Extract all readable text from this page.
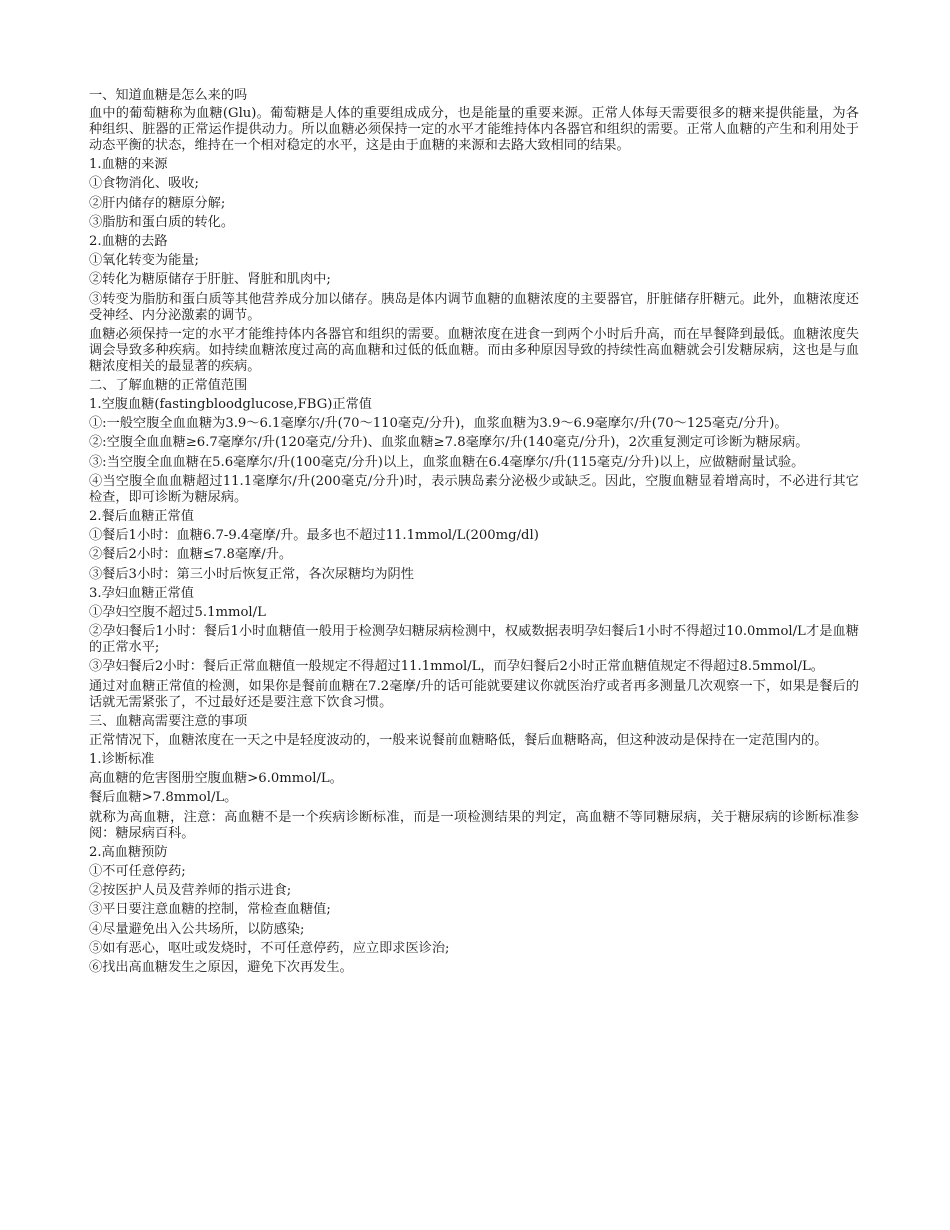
一、知道血糖是怎么来的吗
血中的葡萄糖称为血糖(Glu)。葡萄糖是人体的重要组成成分，也是能量的重要来源。正常人体每天需要很多的糖来提供能量，为各种组织、脏器的正常运作提供动力。所以血糖必须保持一定的水平才能维持体内各器官和组织的需要。正常人血糖的产生和利用处于动态平衡的状态，维持在一个相对稳定的水平，这是由于血糖的来源和去路大致相同的结果。
1.血糖的来源
①食物消化、吸收;
②肝内储存的糖原分解;
③脂肪和蛋白质的转化。
2.血糖的去路
①氧化转变为能量;
②转化为糖原储存于肝脏、肾脏和肌肉中;
③转变为脂肪和蛋白质等其他营养成分加以储存。胰岛是体内调节血糖的血糖浓度的主要器官，肝脏储存肝糖元。此外，血糖浓度还受神经、内分泌激素的调节。
血糖必须保持一定的水平才能维持体内各器官和组织的需要。血糖浓度在进食一到两个小时后升高，而在早餐降到最低。血糖浓度失调会导致多种疾病。如持续血糖浓度过高的高血糖和过低的低血糖。而由多种原因导致的持续性高血糖就会引发糖尿病，这也是与血糖浓度相关的最显著的疾病。
二、了解血糖的正常值范围
1.空腹血糖(fastingbloodglucose,FBG)正常值
①:一般空腹全血血糖为3.9～6.1毫摩尔/升(70～110毫克/分升)，血浆血糖为3.9～6.9毫摩尔/升(70～125毫克/分升)。
②:空腹全血血糖≥6.7毫摩尔/升(120毫克/分升)、血浆血糖≥7.8毫摩尔/升(140毫克/分升)，2次重复测定可诊断为糖尿病。
③:当空腹全血血糖在5.6毫摩尔/升(100毫克/分升)以上，血浆血糖在6.4毫摩尔/升(115毫克/分升)以上，应做糖耐量试验。
④当空腹全血血糖超过11.1毫摩尔/升(200毫克/分升)时，表示胰岛素分泌极少或缺乏。因此，空腹血糖显着增高时，不必进行其它检查，即可诊断为糖尿病。
2.餐后血糖正常值
①餐后1小时：血糖6.7-9.4毫摩/升。最多也不超过11.1mmol/L(200mg/dl)
②餐后2小时：血糖≤7.8毫摩/升。
③餐后3小时：第三小时后恢复正常，各次尿糖均为阴性
3.孕妇血糖正常值
①孕妇空腹不超过5.1mmol/L
②孕妇餐后1小时：餐后1小时血糖值一般用于检测孕妇糖尿病检测中，权威数据表明孕妇餐后1小时不得超过10.0mmol/L才是血糖的正常水平;
③孕妇餐后2小时：餐后正常血糖值一般规定不得超过11.1mmol/L，而孕妇餐后2小时正常血糖值规定不得超过8.5mmol/L。
通过对血糖正常值的检测，如果你是餐前血糖在7.2毫摩/升的话可能就要建议你就医治疗或者再多测量几次观察一下，如果是餐后的话就无需紧张了，不过最好还是要注意下饮食习惯。
三、血糖高需要注意的事项
正常情况下，血糖浓度在一天之中是轻度波动的，一般来说餐前血糖略低，餐后血糖略高，但这种波动是保持在一定范围内的。
1.诊断标准
高血糖的危害图册空腹血糖>6.0mmol/L。
餐后血糖>7.8mmol/L。
就称为高血糖，注意：高血糖不是一个疾病诊断标准，而是一项检测结果的判定，高血糖不等同糖尿病，关于糖尿病的诊断标准参阅：糖尿病百科。
2.高血糖预防
①不可任意停药;
②按医护人员及营养师的指示进食;
③平日要注意血糖的控制，常检查血糖值;
④尽量避免出入公共场所，以防感染;
⑤如有恶心，呕吐或发烧时，不可任意停药，应立即求医诊治;
⑥找出高血糖发生之原因，避免下次再发生。
